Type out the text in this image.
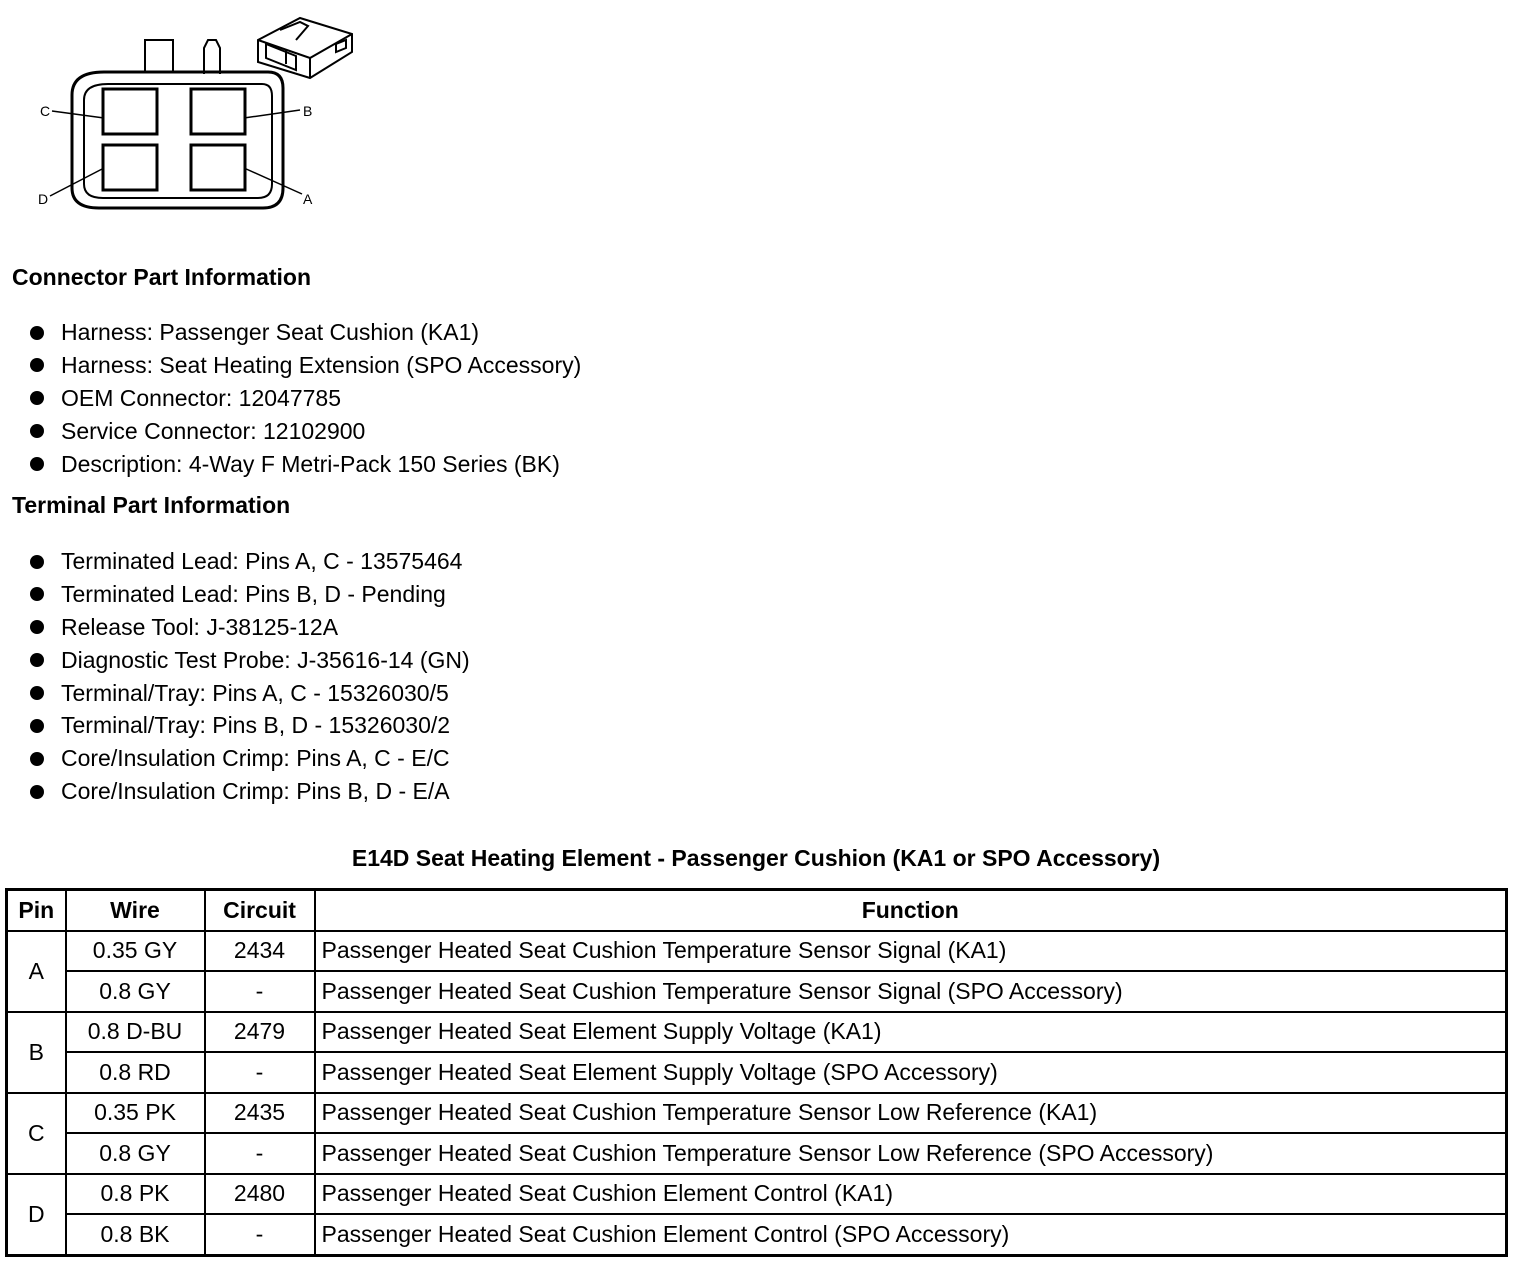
C	B
D	A
Connector Part Information
Harness: Passenger Seat Cushion (KA1)
Harness: Seat Heating Extension (SPO Accessory)
OEM Connector: 12047785
Service Connector: 12102900
Description: 4-Way F Metri-Pack 150 Series (BK)
Terminal Part Information
Terminated Lead: Pins A, C - 13575464
Terminated Lead: Pins B, D - Pending
Release Tool: J-38125-12A
Diagnostic Test Probe: J-35616-14 (GN)
Terminal/Tray: Pins A, C - 15326030/5
Terminal/Tray: Pins B, D - 15326030/2
Core/Insulation Crimp: Pins A, C - E/C
Core/Insulation Crimp: Pins B, D - E/A
E14D Seat Heating Element - Passenger Cushion (KA1 or SPO Accessory)
Pin	Wire	Circuit	Function
A	0.35 GY	2434	Passenger Heated Seat Cushion Temperature Sensor Signal (KA1)
	0.8 GY	-	Passenger Heated Seat Cushion Temperature Sensor Signal (SPO Accessory)
B	0.8 D-BU	2479	Passenger Heated Seat Element Supply Voltage (KA1)
	0.8 RD	-	Passenger Heated Seat Element Supply Voltage (SPO Accessory)
C	0.35 PK	2435	Passenger Heated Seat Cushion Temperature Sensor Low Reference (KA1)
	0.8 GY	-	Passenger Heated Seat Cushion Temperature Sensor Low Reference (SPO Accessory)
D	0.8 PK	2480	Passenger Heated Seat Cushion Element Control (KA1)
	0.8 BK	-	Passenger Heated Seat Cushion Element Control (SPO Accessory)
